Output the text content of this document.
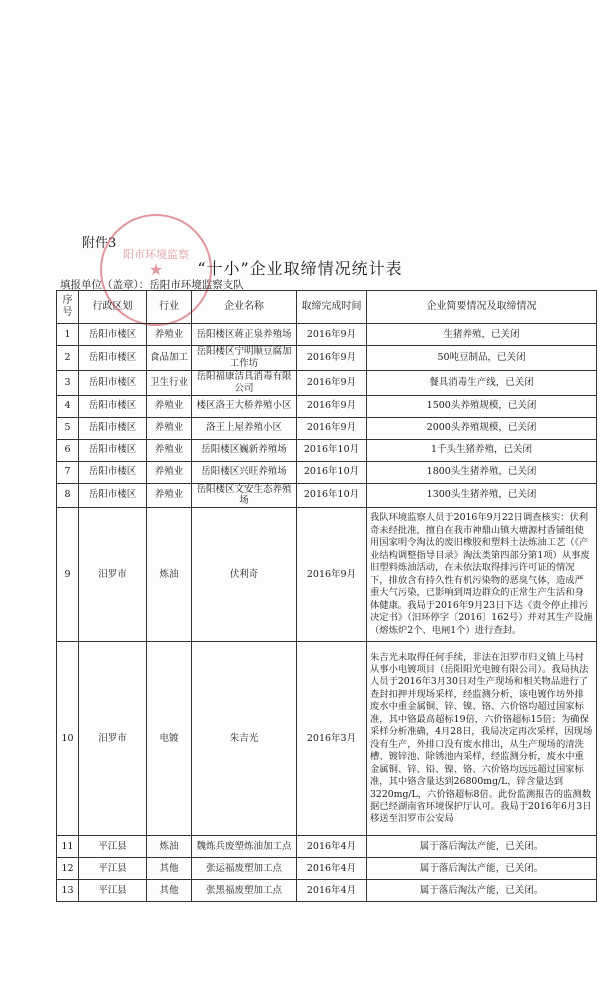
附件3
阳市环境监察
★	“十小”企业取缔情况统计表
填报单位（盖章）：岳阳市环境监察支队
序号	行政区划	行业	企业名称	取缔完成时间	企业简要情况及取缔情况
1	岳阳市楼区	养殖业	岳阳楼区蒋正泉养殖场	2016年9月	生猪养殖，已关闭
2	岳阳市楼区	食品加工	岳阳楼区宁明顺豆腐加工作坊	2016年9月	50吨豆制品，已关闭
3	岳阳市楼区	卫生行业	岳阳福康洁具消毒有限公司	2016年9月	餐具消毒生产线，已关闭
4	岳阳市楼区	养殖业	楼区洛王大桥养殖小区	2016年9月	1500头养殖规模，已关闭
5	岳阳市楼区	养殖业	洛王上屋养殖小区	2016年9月	2000头养殖规模，已关闭
6	岳阳市楼区	养殖业	岳阳楼区巍新养殖场	2016年10月	1千头生猪养殖，已关闭
7	岳阳市楼区	养殖业	岳阳楼区兴旺养殖场	2016年10月	1800头生猪养殖，已关闭
8	岳阳市楼区	养殖业	岳阳楼区文安生态养殖场	2016年10月	1300头生猪养殖，已关闭
9	汨罗市	炼油	伏利奇	2016年9月	我队环境监察人员于2016年9月22日调查核实：伏利奇未经批准，擅自在我市神鼎山镇大塘源村香铺组使用国家明令淘汰的废旧橡胶和塑料土法炼油工艺（《产业结构调整指导目录》淘汰类第四部分第1项）从事废旧塑料炼油活动，在未依法取得排污许可证的情况下，排放含有持久性有机污染物的恶臭气体，造成严重大气污染，已影响到周边群众的正常生产生活和身体健康。我局于2016年9月23日下达《责令停止排污决定书》（汨环停字〔2016〕162号）并对其生产设施（熔炼炉2个、电闸1个）进行查封。
10	汨罗市	电镀	朱吉光	2016年3月	朱吉光未取得任何手续，非法在汨罗市归义镇上马村从事小电镀项目（岳阳阳光电镀有限公司）。我局执法人员于2016年3月30日对生产现场和相关物品进行了查封扣押并现场采样，经监测分析，该电镀作坊外排废水中重金属铜、锌、镍、铬、六价铬均超过国家标准，其中铬最高超标19倍，六价铬超标15倍；为确保采样分析准确，4月28日，我局决定再次采样，因现场没有生产，外排口没有废水排出，从生产现场的清洗槽、镀锌池、除锈池内采样，经监测分析，废水中重金属铜、锌、铅、镍、铬、六价铬均远远超过国家标准，其中铬含量达到26800mg/L，锌含量达到3220mg/L，六价铬超标8倍。此份监测报告的监测数据已经湖南省环境保护厅认可。我局于2016年6月3日移送至汨罗市公安局
11	平江县	炼油	魏炼兵废塑炼油加工点	2016年4月	属于落后淘汰产能，已关闭。
12	平江县	其他	张运福废塑加工点	2016年4月	属于落后淘汰产能，已关闭。
13	平江县	其他	张黑福废塑加工点	2016年4月	属于落后淘汰产能，已关闭。
